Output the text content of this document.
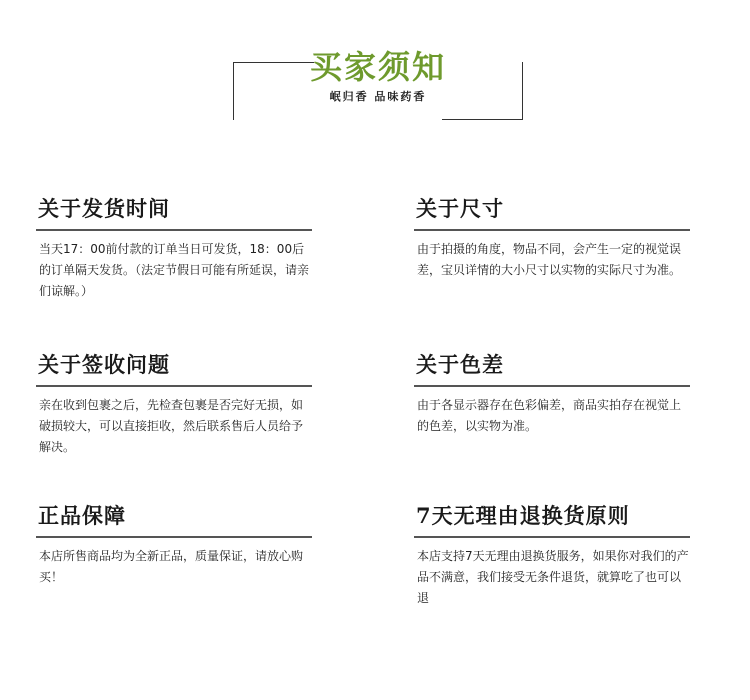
买家须知
岷归香 品味药香
关于发货时间

当天17：00前付款的订单当日可发货，18：00后的订单隔天发货。（法定节假日可能有所延误，请亲们谅解。）

关于尺寸

由于拍摄的角度，物品不同，会产生一定的视觉误差，宝贝详情的大小尺寸以实物的实际尺寸为准。

关于签收问题

亲在收到包裹之后，先检查包裹是否完好无损，如破损较大，可以直接拒收，然后联系售后人员给予解决。

关于色差

由于各显示器存在色彩偏差，商品实拍存在视觉上的色差，以实物为准。

正品保障

本店所售商品均为全新正品，质量保证，请放心购买！

7天无理由退换货原则

本店支持7天无理由退换货服务，如果你对我们的产品不满意，我们接受无条件退货，就算吃了也可以退
